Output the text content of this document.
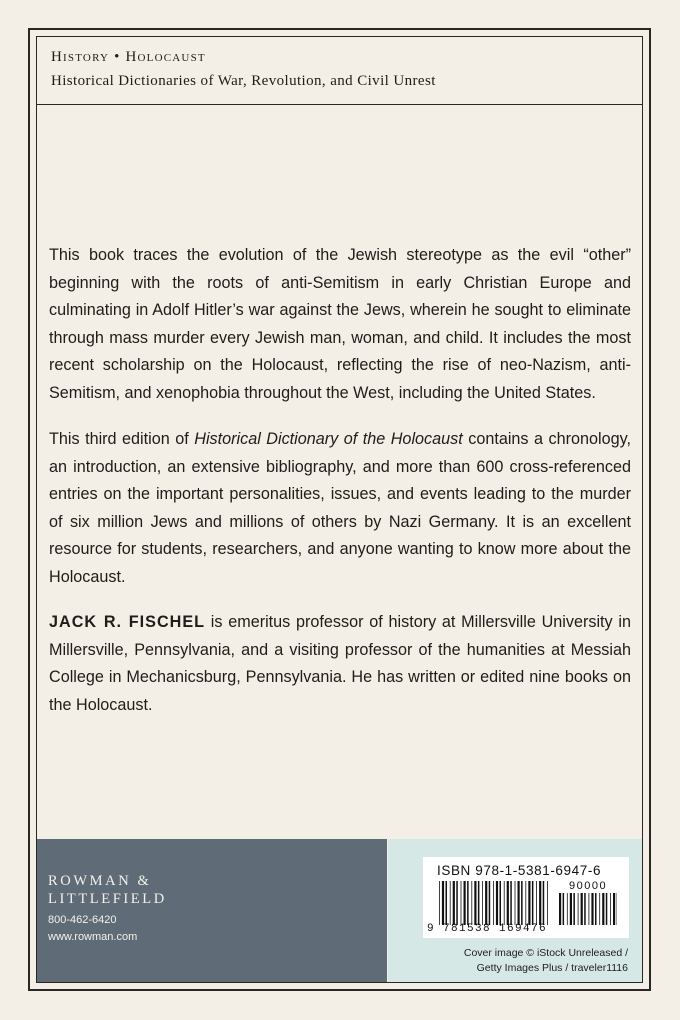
History • Holocaust
Historical Dictionaries of War, Revolution, and Civil Unrest

This book traces the evolution of the Jewish stereotype as the evil “other” beginning with the roots of anti-Semitism in early Christian Europe and culminating in Adolf Hitler’s war against the Jews, wherein he sought to eliminate through mass murder every Jewish man, woman, and child. It includes the most recent scholarship on the Holocaust, reflecting the rise of neo-Nazism, anti-Semitism, and xenophobia throughout the West, including the United States.

This third edition of Historical Dictionary of the Holocaust contains a chronology, an introduction, an extensive bibliography, and more than 600 cross-referenced entries on the important personalities, issues, and events leading to the murder of six million Jews and millions of others by Nazi Germany. It is an excellent resource for students, researchers, and anyone wanting to know more about the Holocaust.

JACK R. FISCHEL is emeritus professor of history at Millersville University in Millersville, Pennsylvania, and a visiting professor of the humanities at Messiah College in Mechanicsburg, Pennsylvania. He has written or edited nine books on the Holocaust.

ROWMAN &
LITTLEFIELD
800-462-6420
www.rowman.com
ISBN 978-1-5381-6947-6
90000
9 781538 169476
Cover image © iStock Unreleased /
Getty Images Plus / traveler1116
